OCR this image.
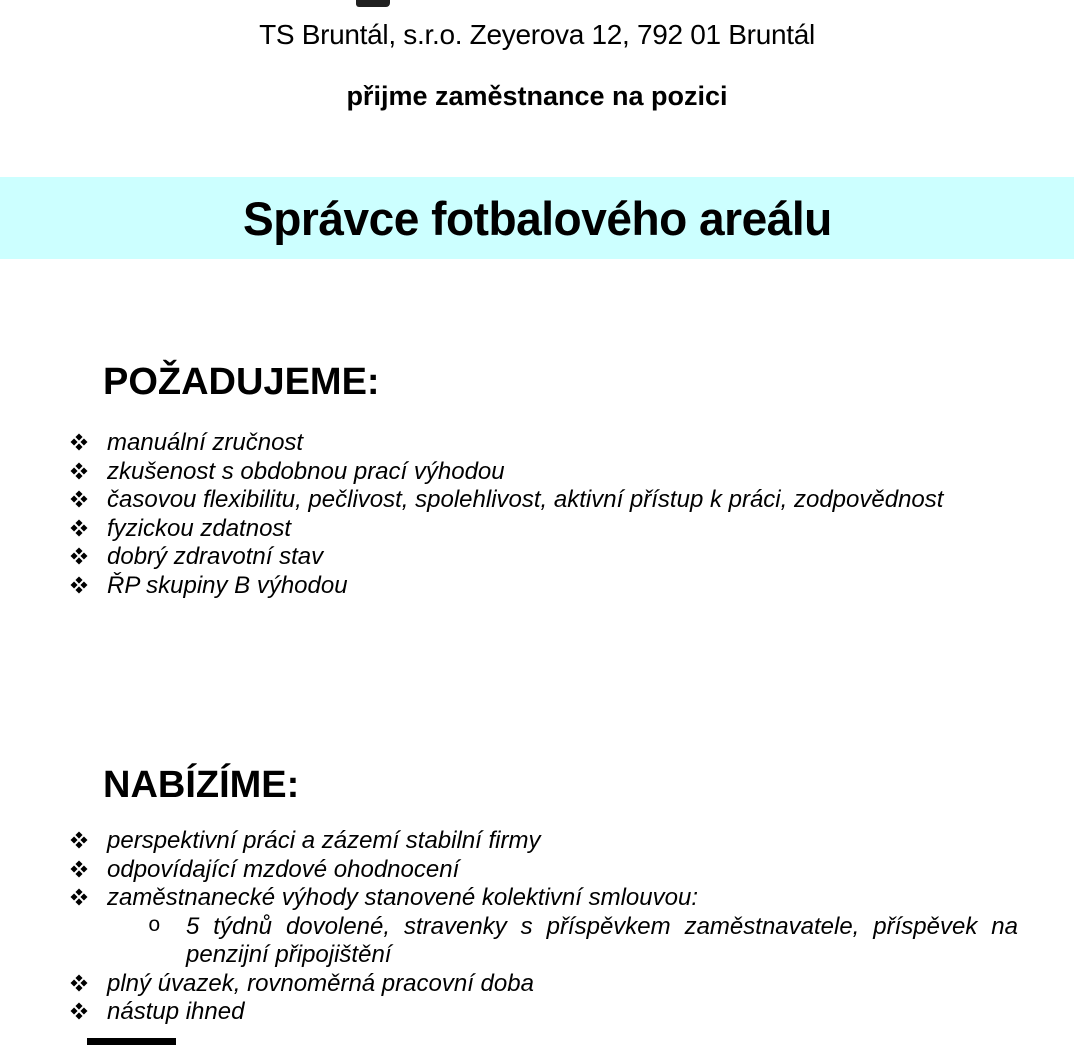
TS Bruntál, s.r.o. Zeyerova 12, 792 01 Bruntál
přijme zaměstnance na pozici
Správce fotbalového areálu
POŽADUJEME:
manuální zručnost
zkušenost s obdobnou prací výhodou
časovou flexibilitu, pečlivost, spolehlivost, aktivní přístup k práci, zodpovědnost
fyzickou zdatnost
dobrý zdravotní stav
ŘP skupiny B výhodou
NABÍZÍME:
perspektivní práci a zázemí stabilní firmy
odpovídající mzdové ohodnocení
zaměstnanecké výhody stanovené kolektivní smlouvou:
o	5 týdnů dovolené, stravenky s příspěvkem zaměstnavatele, příspěvek na
penzijní připojištění
plný úvazek, rovnoměrná pracovní doba
nástup ihned
